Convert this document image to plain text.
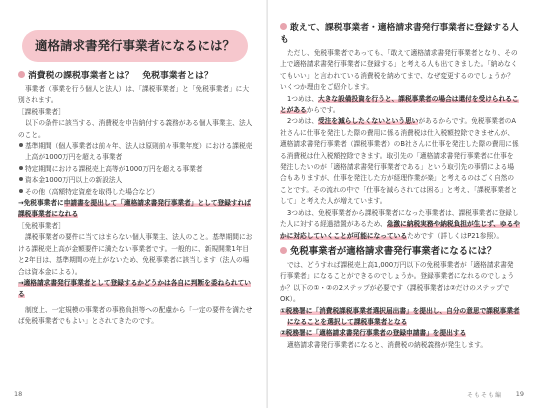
適格請求書発行事業者になるには？
消費税の課税事業者とは？　免税事業者とは？

事業者（事業を行う個人と法人）は、「課税事業者」と「免税事業者」に大別されます。

［課税事業者］

以下の条件に該当する、消費税を申告納付する義務がある個人事業主、法人のこと。

基準期間（個人事業者は前々年、法人は原則前々事業年度）における課税売上高が1000万円を超える事業者

特定期間における課税売上高等が1000万円を超える事業者

資本金1000万円以上の新設法人

その他（高額特定資産を取得した場合など）

→免税事業者に申請書を提出して「適格請求書発行事業者」として登録すれば課税事業者になれる

［免税事業者］

課税事業者の要件に当てはまらない個人事業主、法人のこと。基準期間における課税売上高が金額要件に満たない事業者です。一般的に、新規開業1年目と2年目は、基準期間の売上がないため、免税事業者に該当します（法人の場合は資本金による）。

→適格請求書発行事業者として登録するかどうかは各自に判断を委ねられている

制度上、一定規模の事業者の事務負担等への配慮から「一定の要件を満たせば免税事業者でもよい」とされてきたのです。

18
敢えて、課税事業者・適格請求書発行事業者に登録する人も

ただし、免税事業者であっても、「敢えて適格請求書発行事業者となり、その上で適格請求書発行事業者に登録する」と考える人も出てきました。「納めなくてもいい」と言われている消費税を納めてまで、なぜ変更するのでしょうか？　いくつか理由をご紹介します。

1つめは、大きな設備投資を行うと、課税事業者の場合は還付を受けられることがあるからです。

2つめは、受注を減らしたくないという思いがあるからです。免税事業者のA社さんに仕事を発注した際の費用に係る消費税は仕入税額控除できませんが、適格請求書発行事業者（課税事業者）のB社さんに仕事を発注した際の費用に係る消費税は仕入税額控除できます。取引先の「適格請求書発行事業者に仕事を発注したいのが「適格請求書発行事業者である」という取引先の事情による場合もありますが、仕事を発注した方が経理作業が楽」と考えるのはごく自然のことです。その流れの中で「仕事を減らされては困る」と考え、「課税事業者として」と考えた人が増えています。

3つめは、免税事業者から課税事業者になった事業者は、課税事業者に登録した人に対する経過措置があるため、急激に納税実務や納税負担が生じず、ゆるやかに対応していくことが可能になっているためです（詳しくはP21参照）。

免税事業者が適格請求書発行事業者になるには？

では、どうすれば課税売上高1,000万円以下の免税事業者が「適格請求書発行事業者」になることができるのでしょうか。登録事業者になれるのでしょうか？以下の①・②の2ステップが必要です（課税事業者は②だけのステップでOK）。

①税務署に「消費税課税事業者選択届出書」を提出し、自分の意思で課税事業者になることを選択して課税事業者となる

②税務署に「適格請求書発行事業者の登録申請書」を提出する

適格請求書発行事業者になると、消費税の納税義務が発生します。

そもそも編 19
